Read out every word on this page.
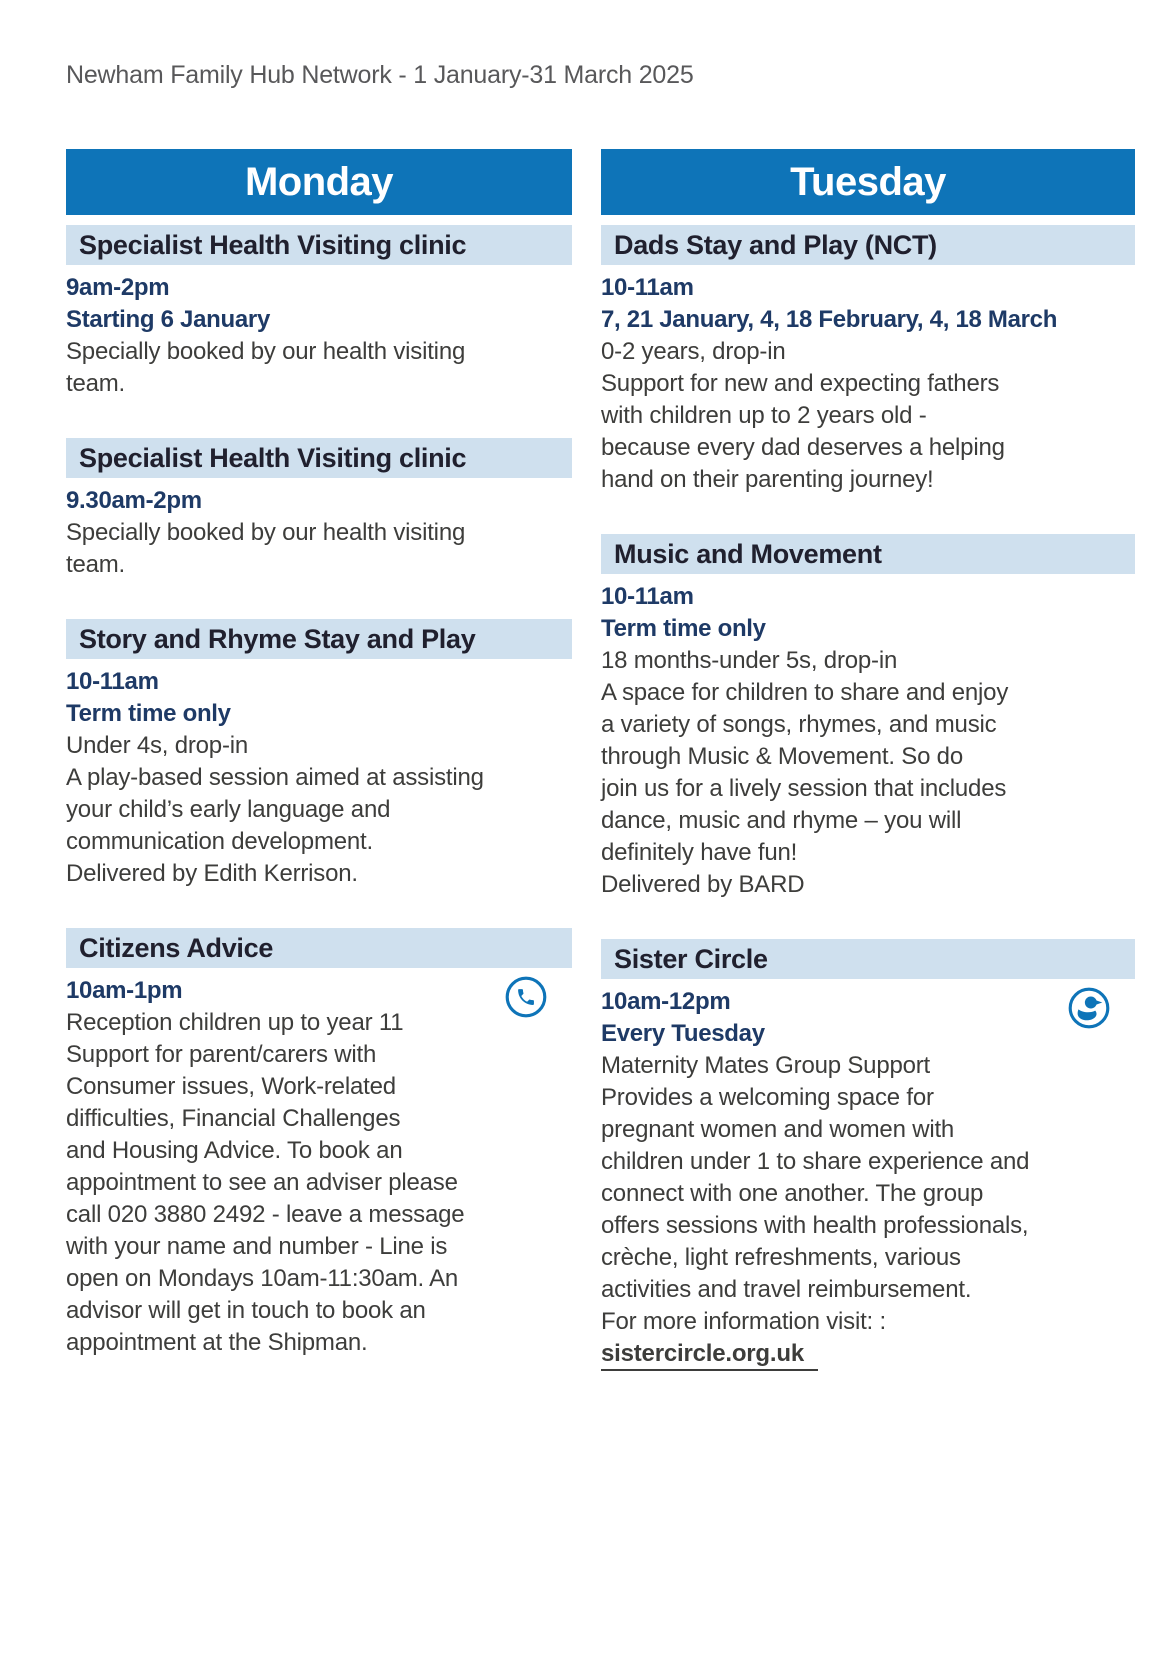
Newham Family Hub Network - 1 January-31 March 2025
Monday
Specialist Health Visiting clinic
9am-2pm
Starting 6 January
Specially booked by our health visiting
team.
Specialist Health Visiting clinic
9.30am-2pm
Specially booked by our health visiting
team.
Story and Rhyme Stay and Play
10-11am
Term time only
Under 4s, drop-in
A play-based session aimed at assisting
your child’s early language and
communication development.
Delivered by Edith Kerrison.
Citizens Advice
10am-1pm
Reception children up to year 11
Support for parent/carers with
Consumer issues, Work-related
difficulties, Financial Challenges
and Housing Advice. To book an
appointment to see an adviser please
call 020 3880 2492 - leave a message
with your name and number - Line is
open on Mondays 10am-11:30am. An
advisor will get in touch to book an
appointment at the Shipman.
Tuesday
Dads Stay and Play (NCT)
10-11am
7, 21 January, 4, 18 February, 4, 18 March
0-2 years, drop-in
Support for new and expecting fathers
with children up to 2 years old -
because every dad deserves a helping
hand on their parenting journey!
Music and Movement
10-11am
Term time only
18 months-under 5s, drop-in
A space for children to share and enjoy
a variety of songs, rhymes, and music
through Music & Movement. So do
join us for a lively session that includes
dance, music and rhyme – you will
definitely have fun!
Delivered by BARD
Sister Circle
10am-12pm
Every Tuesday
Maternity Mates Group Support
Provides a welcoming space for
pregnant women and women with
children under 1 to share experience and
connect with one another. The group
offers sessions with health professionals,
crèche, light refreshments, various
activities and travel reimbursement.
For more information visit: :
sistercircle.org.uk
